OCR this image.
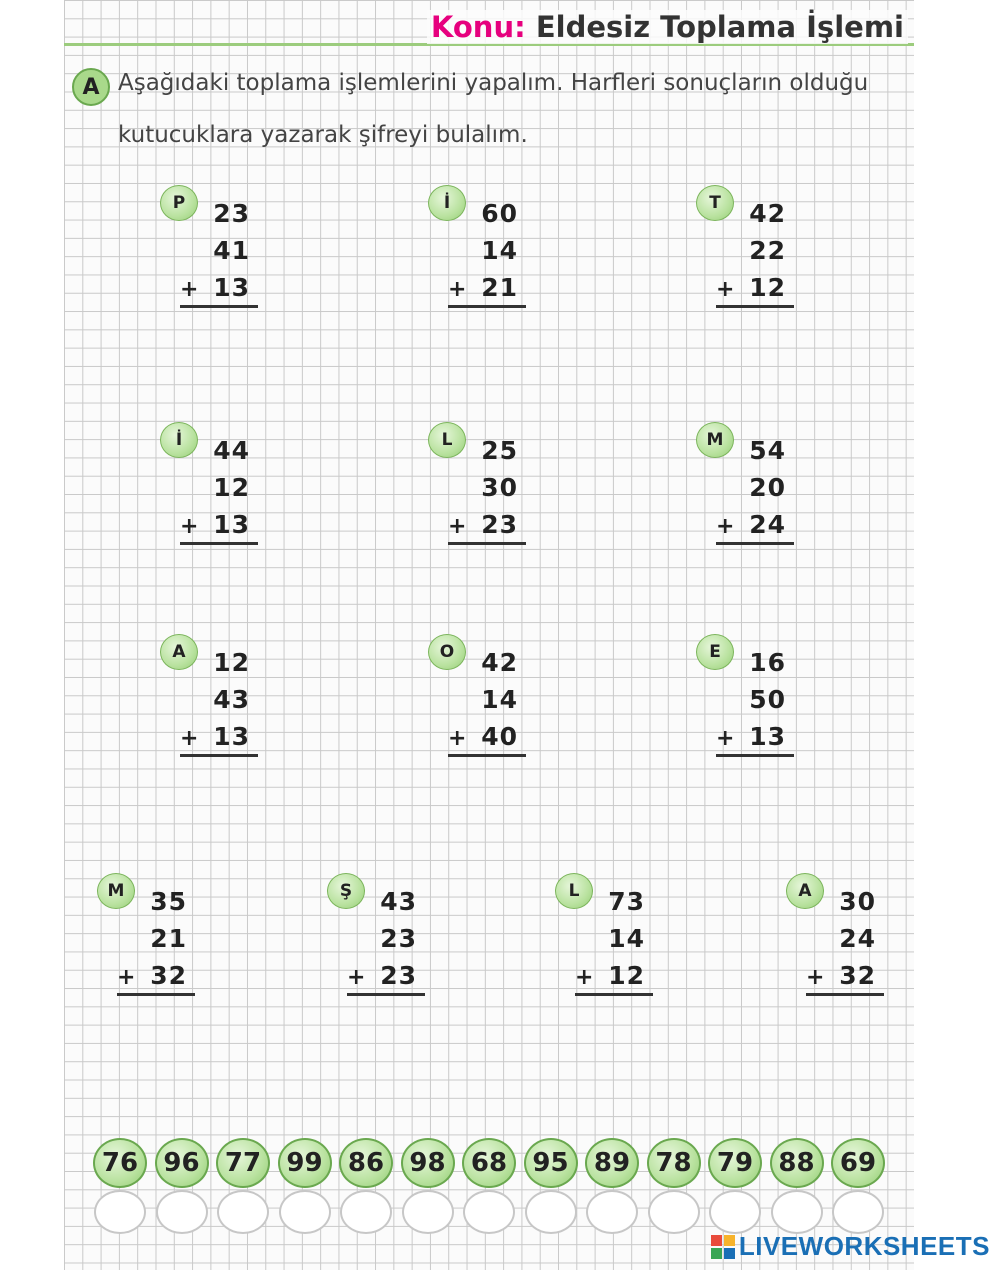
Konu: Eldesiz Toplama İşlemi
A Aşağıdaki toplama işlemlerini yapalım. Harfleri sonuçların olduğu
kutucuklara yazarak şifreyi bulalım.
P	23
41
13
+
İ	60
14
21
+
T	42
22
12
+
İ	44
12
13
+
L	25
30
23
+
M	54
20
24
+
A	12
43
13
+
O	42
14
40
+
E	16
50
13
+
M	35
21
32
+
Ş	43
23
23
+
L	73
14
12
+
A	30
24
32
+
76 96 77 99 86 98 68 95 89 78 79 88 69
LIVEWORKSHEETS
